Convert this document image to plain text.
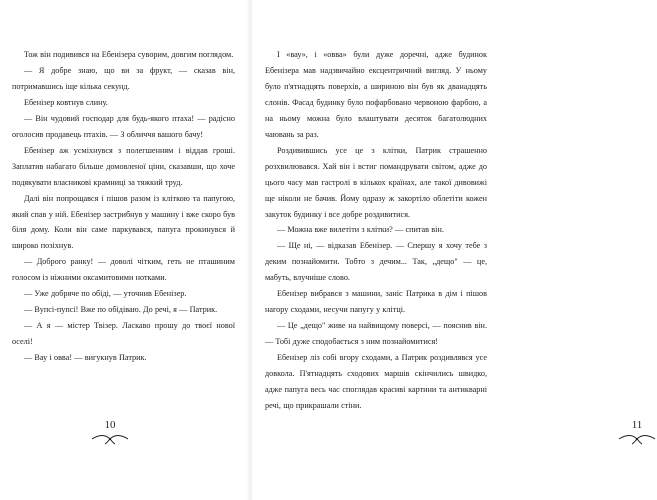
Тож він подивився на Ебенізера суворим, довгим поглядом.

— Я добре знаю, що ви за фрукт, — сказав він, потримавшись іще кілька секунд.

Ебенізер ковтнув слину.

— Він чудовий господар для будь-якого птаха! — радісно оголосив продавець птахів. — З обличчя вашого бачу!

Ебенізер аж усміхнувся з полегшенням і віддав гроші. Заплатив набагато більше домовленої ціни, сказавши, що хоче подякувати власникові крамниці за тяжкий труд.

Далі він попрощався і пішов разом із кліткою та папугою, який спав у ній. Ебенізер застрибнув у машину і вже скоро був біля дому. Коли він саме паркувався, папуга прокинувся й широко позіхнув.

— Доброго ранку! — доволі чітким, геть не пташиним голосом із ніжними оксамитовими нотками.

— Уже добряче по обіді, — уточнив Ебенізер.

— Вупсі-пупсі! Вже по обідіваю. До речі, я — Патрик.

— А я — містер Твізер. Ласкаво прошу до твоєї нової оселі!

— Вау і овва! — вигукнув Патрик.

10	11

І «вау», і «овва» були дуже доречні, адже будинок Ебенізера мав надзвичайно ексцентричний вигляд. У ньому було п'ятнадцять поверхів, а шириною він був як дванадцять слонів. Фасад будинку було пофарбовано червоною фарбою, а на ньому можна було влаштувати десяток багатолюдних чаювань за раз.

Роздивившись усе це з клітки, Патрик страшенно розхвилювався. Хай він і встиг помандрувати світом, адже до цього часу мав гастролі в кількох країнах, але такої дивовижі ще ніколи не бачив. Йому одразу ж закортіло облетіти кожен закуток будинку і все добре роздивитися.

— Можна вже вилетіти з клітки? — спитав він.

— Ще ні, — відказав Ебенізер. — Спершу я хочу тебе з деким познайомити. Тобто з дечим... Так, „дещо" — це, мабуть, влучніше слово.

Ебенізер вибрався з машини, заніс Патрика в дім і пішов нагору сходами, несучи папугу у клітці.

— Це „дещо" живе на найвищому поверсі, — пояснив він. — Тобі дуже сподобається з ним познайомитися!

Ебенізер ліз собі вгору сходами, а Патрик роздивлявся усе довкола. П'ятнадцять сходових маршів скінчились швидко, адже папуга весь час споглядав красиві картини та антикварні речі, що прикрашали стіни.
